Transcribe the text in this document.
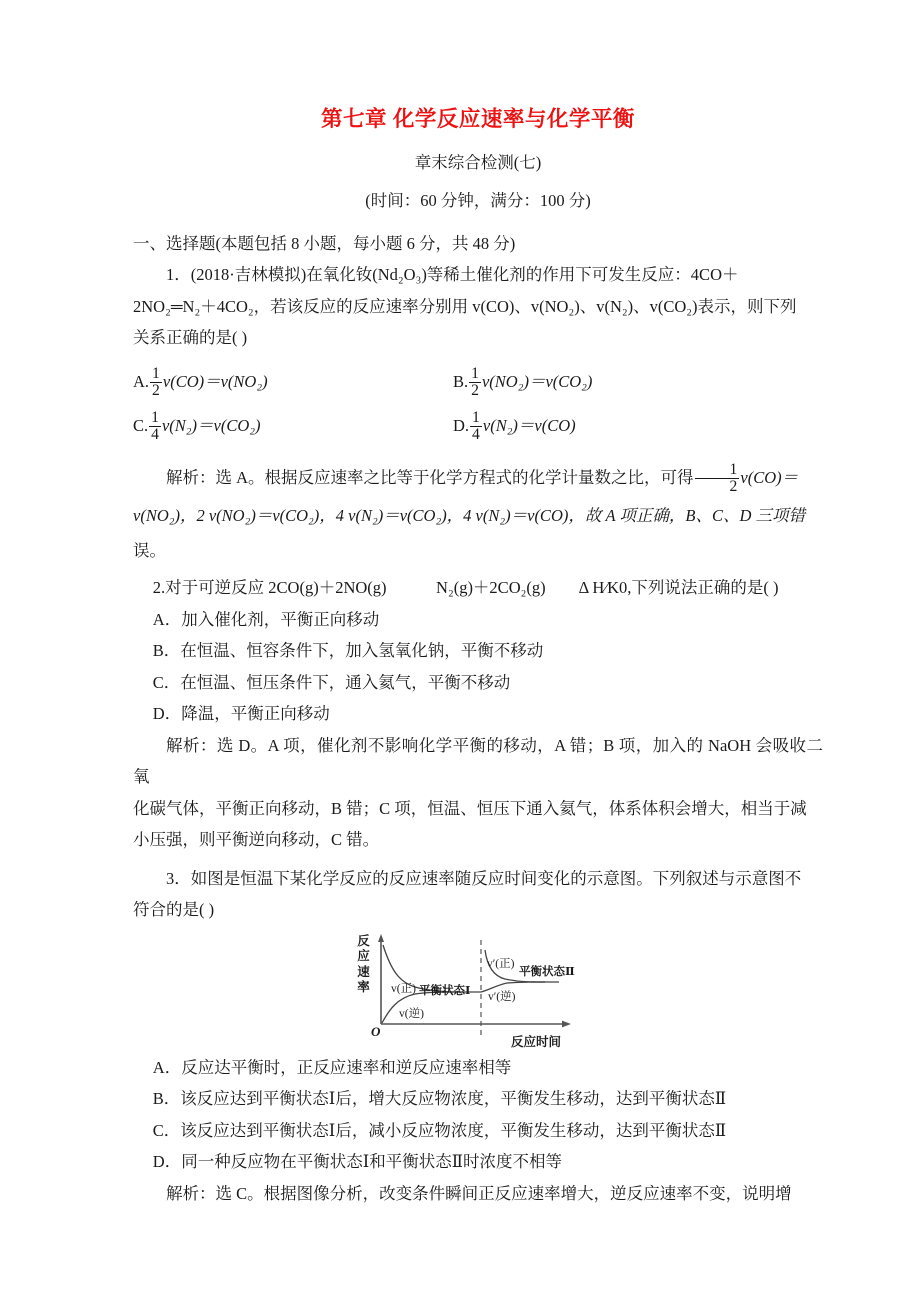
第七章 化学反应速率与化学平衡
章末综合检测(七)
(时间：60 分钟，满分：100 分)
一、选择题(本题包括 8 小题，每小题 6 分，共 48 分)

1．(2018·吉林模拟)在氧化钕(Nd₂O₃)等稀土催化剂的作用下可发生反应：4CO＋

2NO₂═N₂＋4CO₂，若该反应的反应速率分别用 v(CO)、v(NO₂)、v(N₂)、v(CO₂)表示，则下列

关系正确的是( )

A. $\frac{1}{2} v(CO)=v(NO_2)$	B. $\frac{1}{2} v(NO_2)=v(CO_2)$
C. $\frac{1}{4} v(N_2)=v(CO_2)$	D. $\frac{1}{4} v(N_2)=v(CO)$

解析：选 A。根据反应速率之比等于化学方程式的化学计量数之比，可得 $\frac{1}{2} v(CO)=$

v(NO₂)，2 v(NO₂)＝v(CO₂)，4 v(N₂)＝v(CO₂)，4 v(N₂)＝v(CO)，故 A 项正确，B、C、D 三项错

误。

2.对于可逆反应 2CO(g)＋2NO(g)　　　N₂(g)＋2CO₂(g)　　Δ H⁄K0,下列说法正确的是( )

A．加入催化剂，平衡正向移动

B．在恒温、恒容条件下，加入氢氧化钠，平衡不移动

C．在恒温、恒压条件下，通入氦气，平衡不移动

D．降温，平衡正向移动

解析：选 D。A 项，催化剂不影响化学平衡的移动，A 错；B 项，加入的 NaOH 会吸收二氧

化碳气体，平衡正向移动，B 错；C 项，恒温、恒压下通入氦气，体系体积会增大，相当于减

小压强，则平衡逆向移动，C 错。

3．如图是恒温下某化学反应的反应速率随反应时间变化的示意图。下列叙述与示意图不

符合的是( )

反应速率 v(正) 平衡状态Ⅰ
v(逆)
v′(正)
平衡状态Ⅱ
v′(逆)
O
反应时间

A．反应达平衡时，正反应速率和逆反应速率相等

B．该反应达到平衡状态Ⅰ后，增大反应物浓度，平衡发生移动，达到平衡状态Ⅱ

C．该反应达到平衡状态Ⅰ后，减小反应物浓度，平衡发生移动，达到平衡状态Ⅱ

D．同一种反应物在平衡状态Ⅰ和平衡状态Ⅱ时浓度不相等

解析：选 C。根据图像分析，改变条件瞬间正反应速率增大，逆反应速率不变，说明增
